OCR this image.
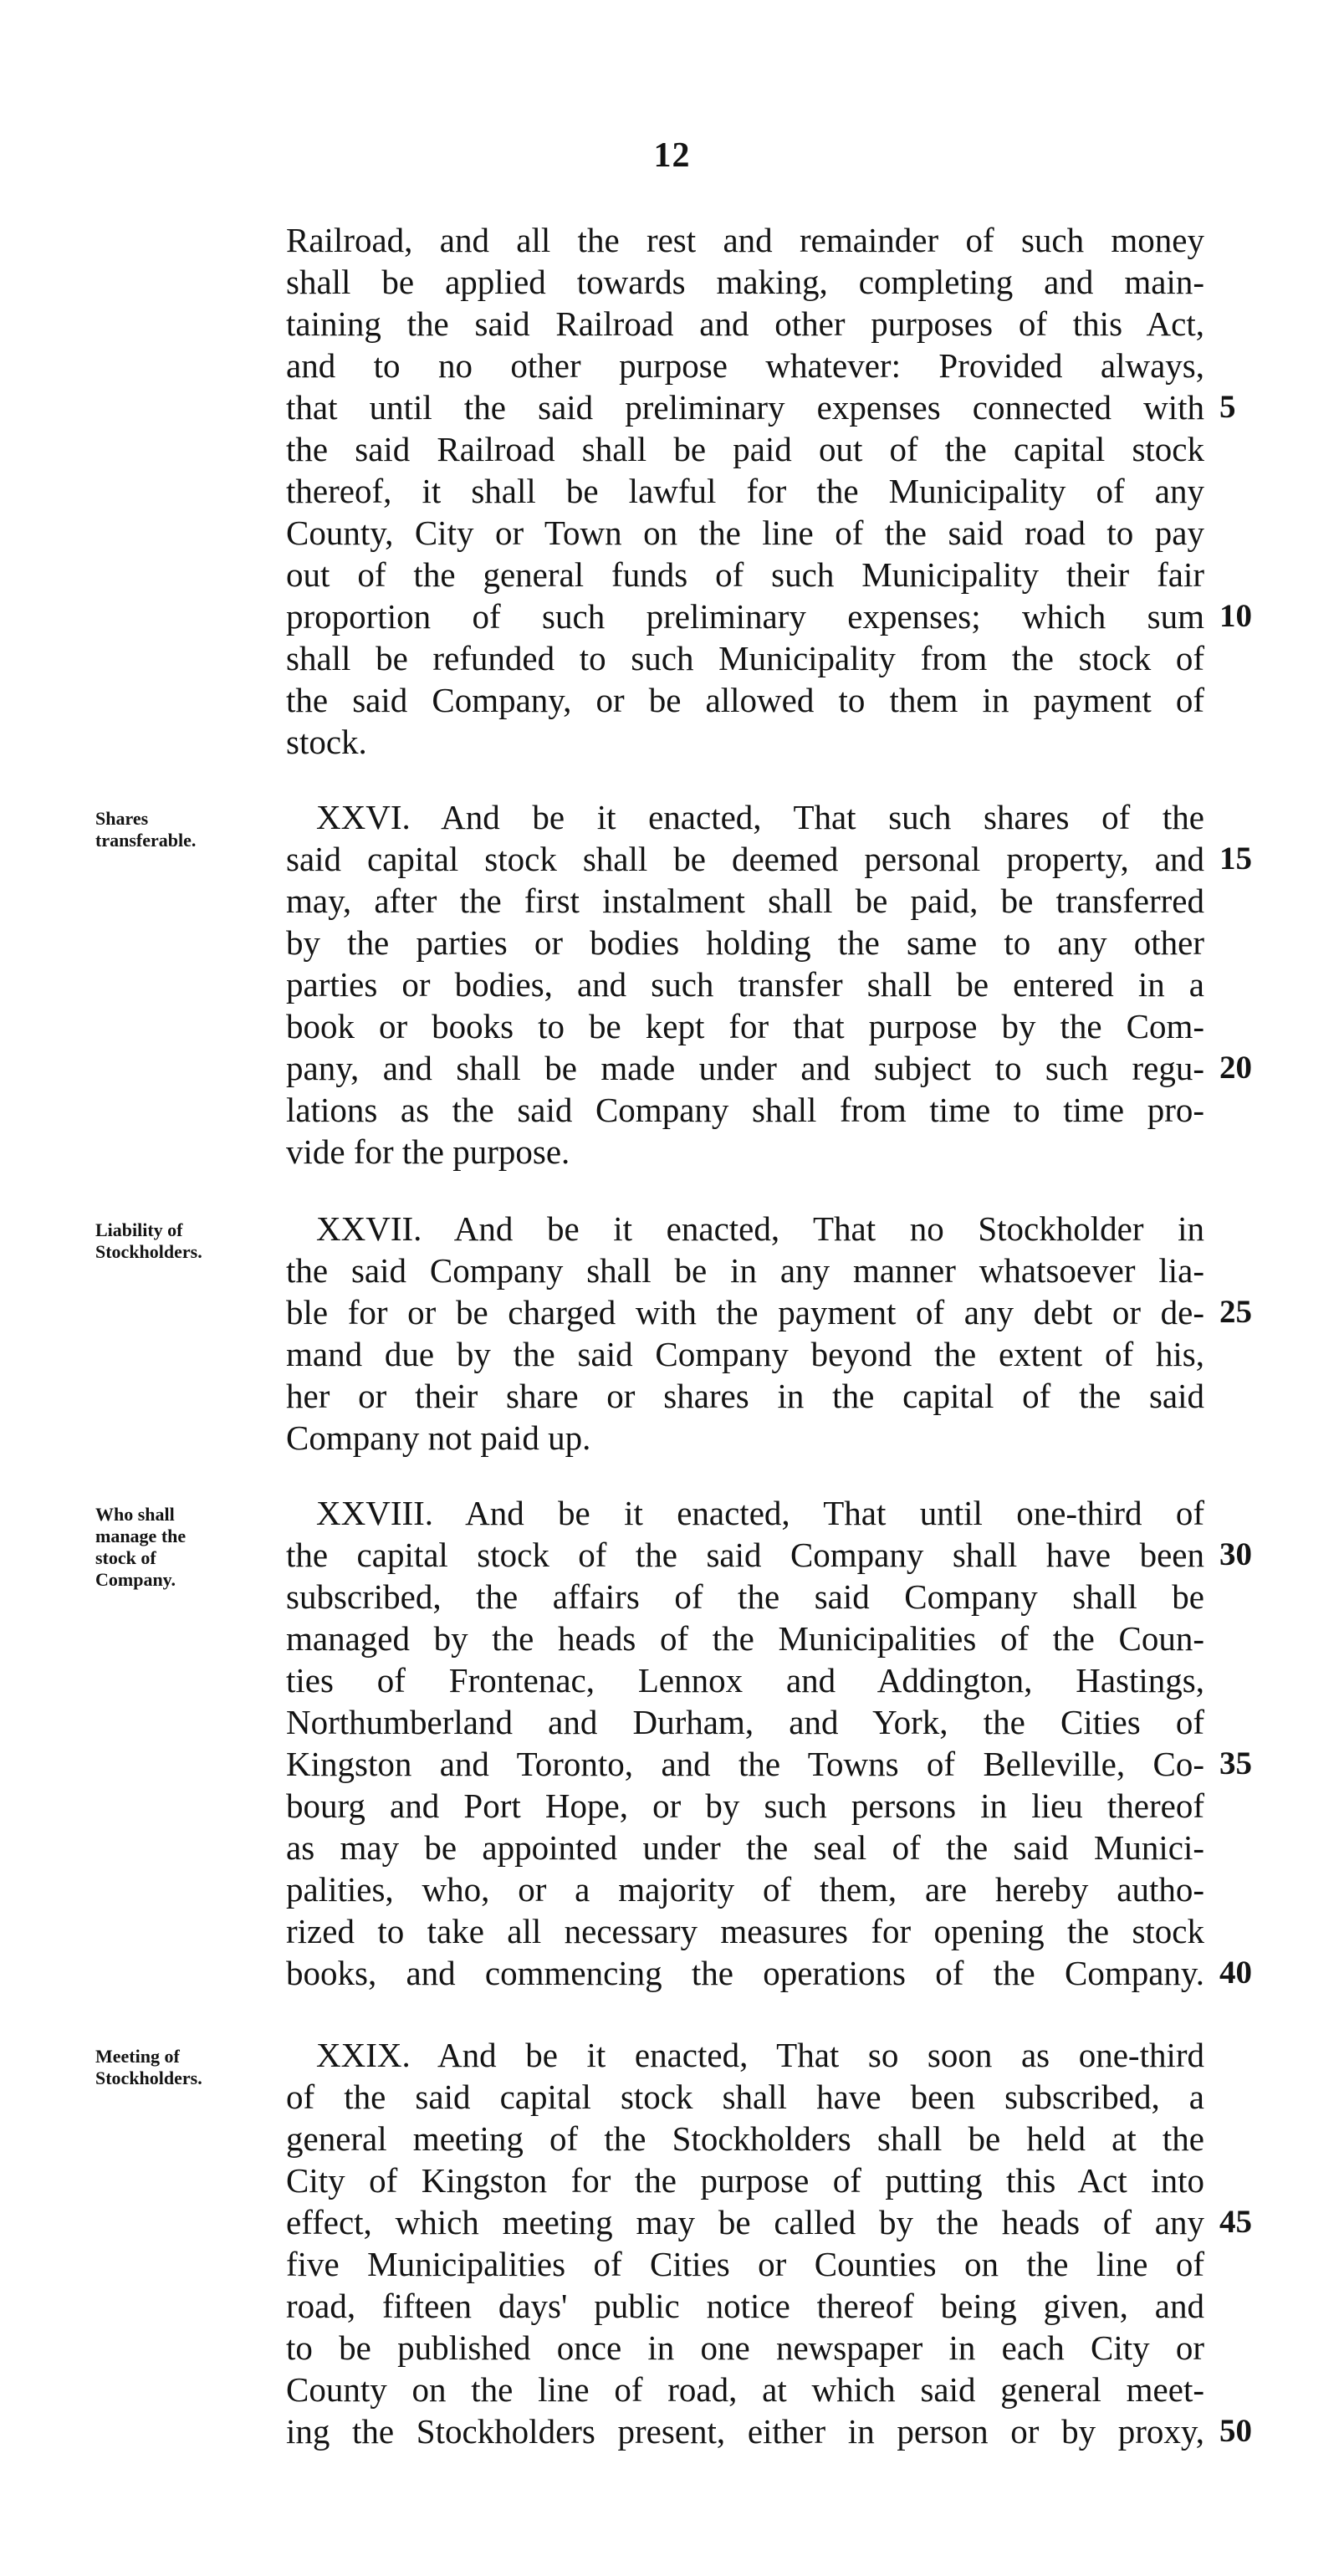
12
Railroad, and all the rest and remainder of such money
shall be applied towards making, completing and main-
taining the said Railroad and other purposes of this Act,
and to no other purpose whatever: Provided always,
that until the said preliminary expenses connected with
the said Railroad shall be paid out of the capital stock
thereof, it shall be lawful for the Municipality of any
County, City or Town on the line of the said road to pay
out of the general funds of such Municipality their fair
proportion of such preliminary expenses; which sum
shall be refunded to such Municipality from the stock of
the said Company, or be allowed to them in payment of
stock.
Shares
transferable.
XXVI. And be it enacted, That such shares of the
said capital stock shall be deemed personal property, and
may, after the first instalment shall be paid, be transferred
by the parties or bodies holding the same to any other
parties or bodies, and such transfer shall be entered in a
book or books to be kept for that purpose by the Com-
pany, and shall be made under and subject to such regu-
lations as the said Company shall from time to time pro-
vide for the purpose.
Liability of
Stockholders.
XXVII. And be it enacted, That no Stockholder in
the said Company shall be in any manner whatsoever lia-
ble for or be charged with the payment of any debt or de-
mand due by the said Company beyond the extent of his,
her or their share or shares in the capital of the said
Company not paid up.
Who shall
manage the
stock of
Company.
XXVIII. And be it enacted, That until one-third of
the capital stock of the said Company shall have been
subscribed, the affairs of the said Company shall be
managed by the heads of the Municipalities of the Coun-
ties of Frontenac, Lennox and Addington, Hastings,
Northumberland and Durham, and York, the Cities of
Kingston and Toronto, and the Towns of Belleville, Co-
bourg and Port Hope, or by such persons in lieu thereof
as may be appointed under the seal of the said Munici-
palities, who, or a majority of them, are hereby autho-
rized to take all necessary measures for opening the stock
books, and commencing the operations of the Company.
Meeting of
Stockholders.
XXIX. And be it enacted, That so soon as one-third
of the said capital stock shall have been subscribed, a
general meeting of the Stockholders shall be held at the
City of Kingston for the purpose of putting this Act into
effect, which meeting may be called by the heads of any
five Municipalities of Cities or Counties on the line of
road, fifteen days' public notice thereof being given, and
to be published once in one newspaper in each City or
County on the line of road, at which said general meet-
ing the Stockholders present, either in person or by proxy,
5
10
15
20
25
30
35
40
45
50
